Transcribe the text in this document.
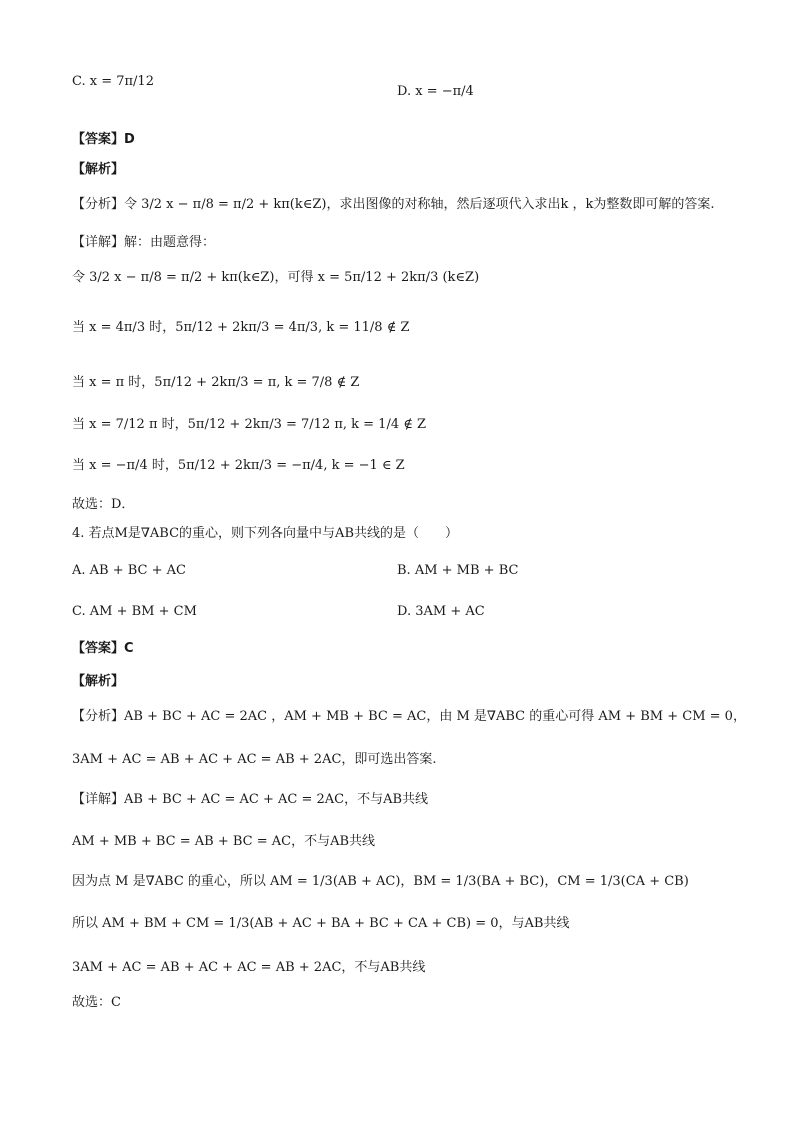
C. x = 7π/12
D. x = −π/4
【答案】D
【解析】
【分析】令 3/2 x − π/8 = π/2 + kπ(k∈Z)，求出图像的对称轴，然后逐项代入求出k ，k为整数即可解的答案.
【详解】解：由题意得：
令 3/2 x − π/8 = π/2 + kπ(k∈Z)，可得 x = 5π/12 + 2kπ/3 (k∈Z)
当 x = 4π/3 时，5π/12 + 2kπ/3 = 4π/3, k = 11/8 ∉ Z
当 x = π 时，5π/12 + 2kπ/3 = π, k = 7/8 ∉ Z
当 x = 7/12 π 时，5π/12 + 2kπ/3 = 7/12 π, k = 1/4 ∉ Z
当 x = −π/4 时，5π/12 + 2kπ/3 = −π/4, k = −1 ∈ Z
故选：D．
4. 若点M是∇ABC的重心，则下列各向量中与AB共线的是（　　）
A. AB + BC + AC	B. AM + MB + BC
C. AM + BM + CM	D. 3AM + AC
【答案】C
【解析】
【分析】AB + BC + AC = 2AC ，AM + MB + BC = AC，由 M 是∇ABC 的重心可得 AM + BM + CM = 0，
3AM + AC = AB + AC + AC = AB + 2AC，即可选出答案.
【详解】AB + BC + AC = AC + AC = 2AC，不与AB共线
AM + MB + BC = AB + BC = AC，不与AB共线
因为点 M 是∇ABC 的重心，所以 AM = 1/3(AB + AC)，BM = 1/3(BA + BC)，CM = 1/3(CA + CB)
所以 AM + BM + CM = 1/3(AB + AC + BA + BC + CA + CB) = 0，与AB共线
3AM + AC = AB + AC + AC = AB + 2AC，不与AB共线
故选：C
